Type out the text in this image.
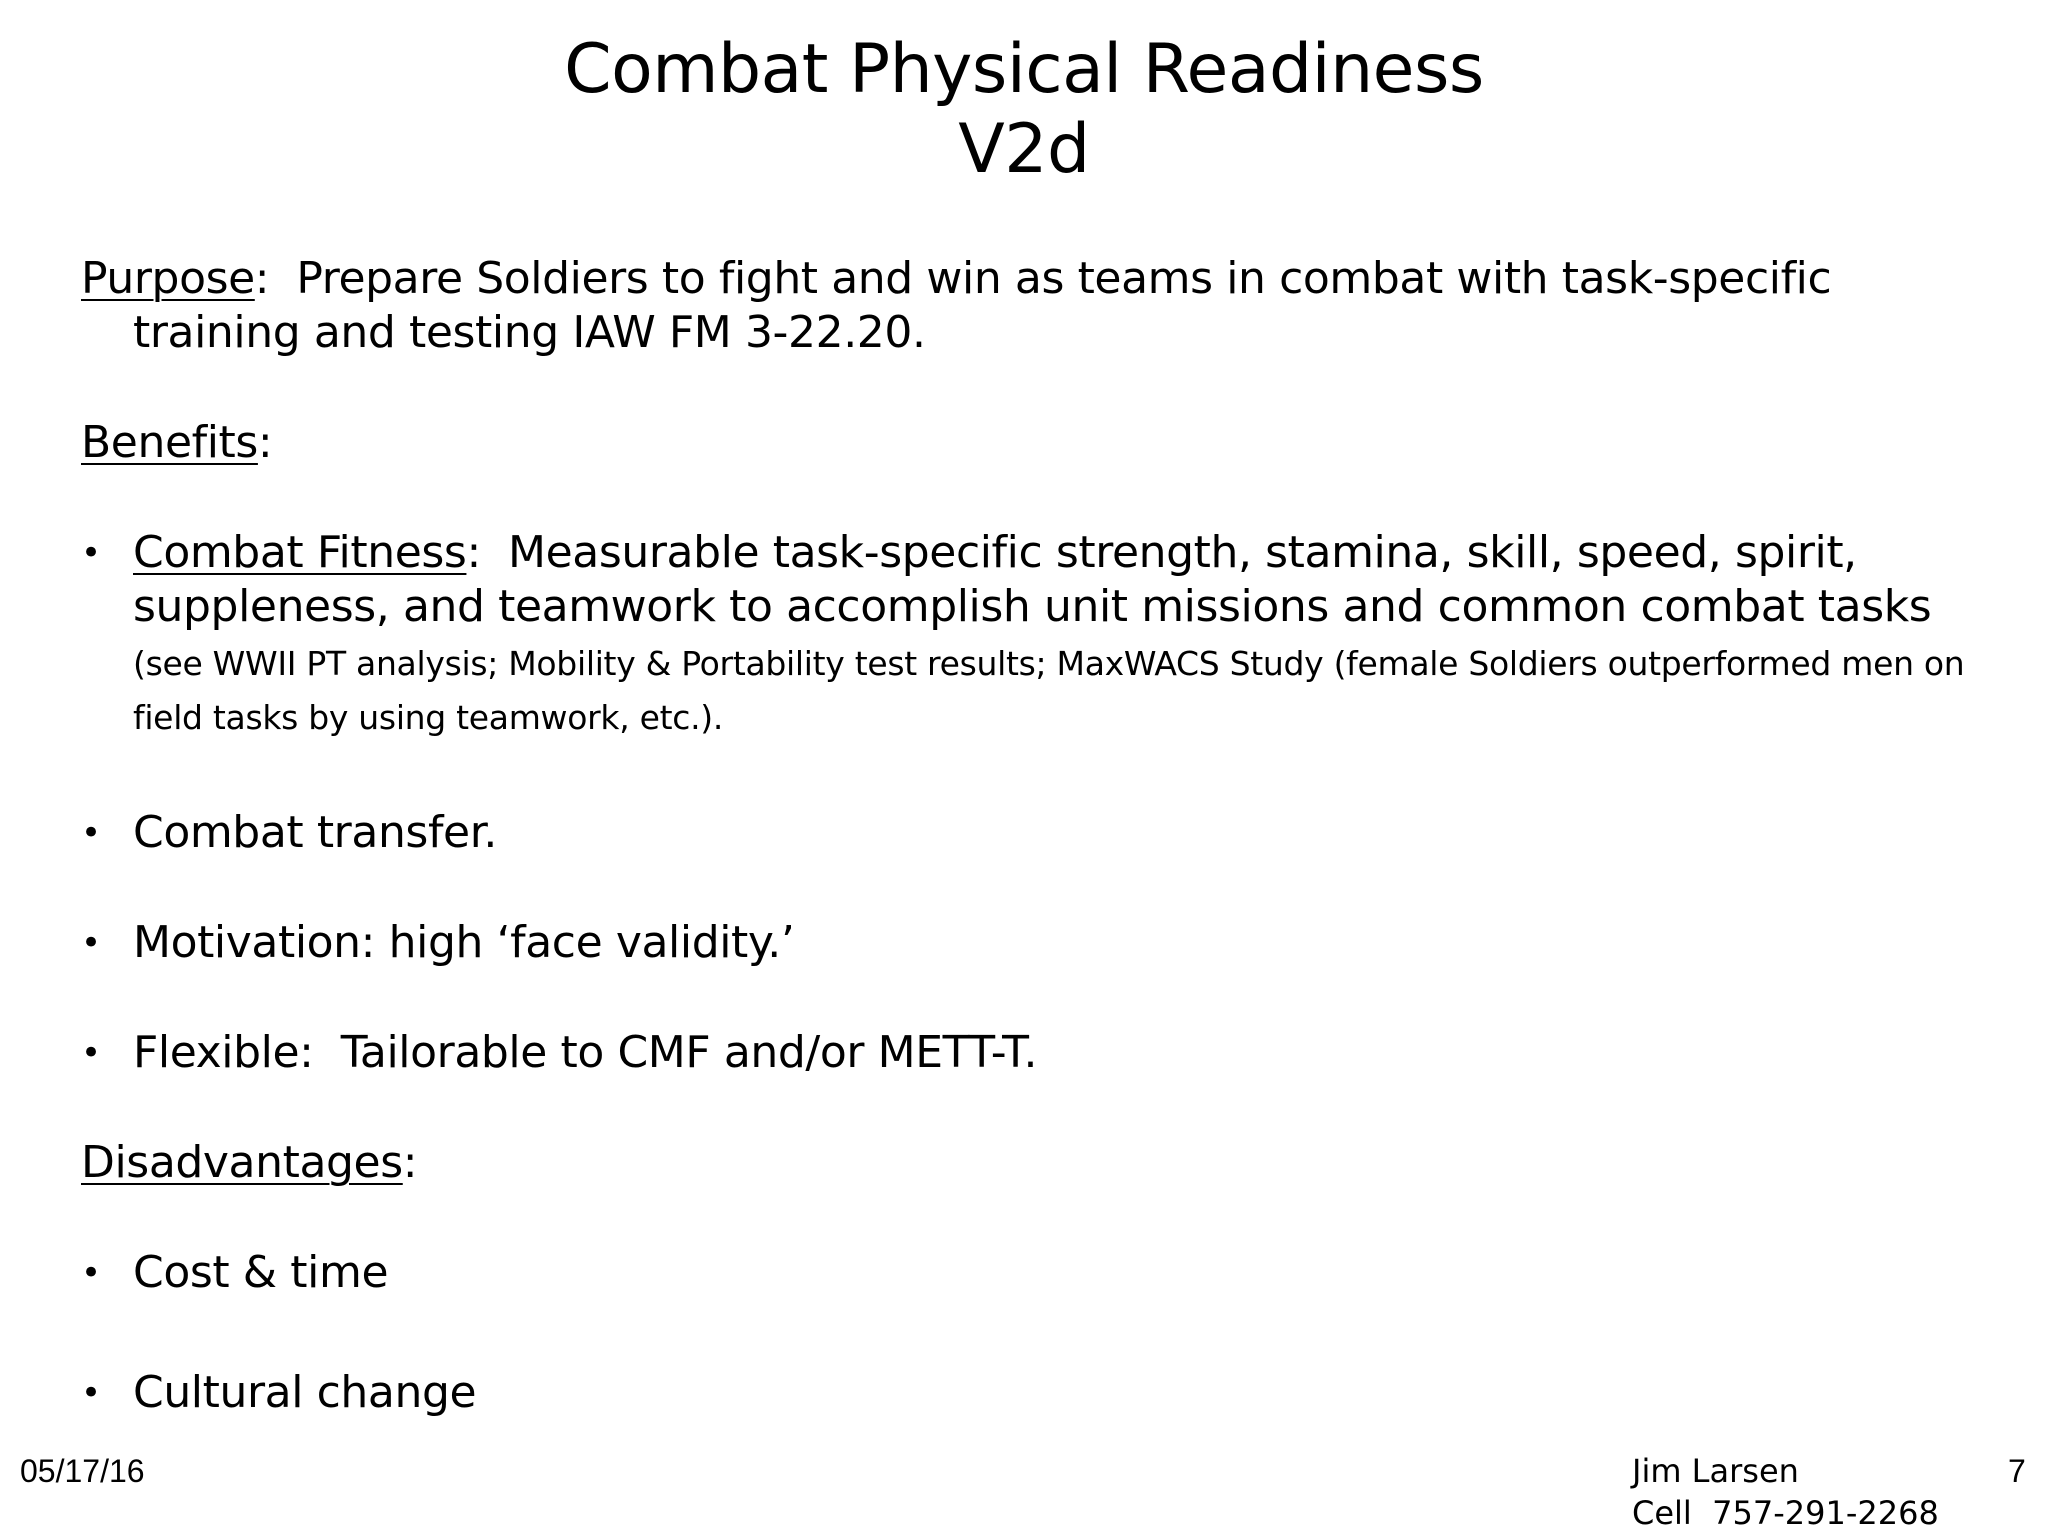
Combat Physical Readiness
V2d
Purpose:  Prepare Soldiers to fight and win as teams in combat with task-specific training and testing IAW FM 3-22.20.
Benefits:
• Combat Fitness:  Measurable task-specific strength, stamina, skill, speed, spirit, suppleness, and teamwork to accomplish unit missions and common combat tasks (see WWII PT analysis; Mobility & Portability test results; MaxWACS Study (female Soldiers outperformed men on field tasks by using teamwork, etc.).
• Combat transfer.
• Motivation: high ‘face validity.’
• Flexible:  Tailorable to CMF and/or METT-T.
Disadvantages:
• Cost & time
• Cultural change
05/17/16	Jim Larsen
Cell  757-291-2268
7
